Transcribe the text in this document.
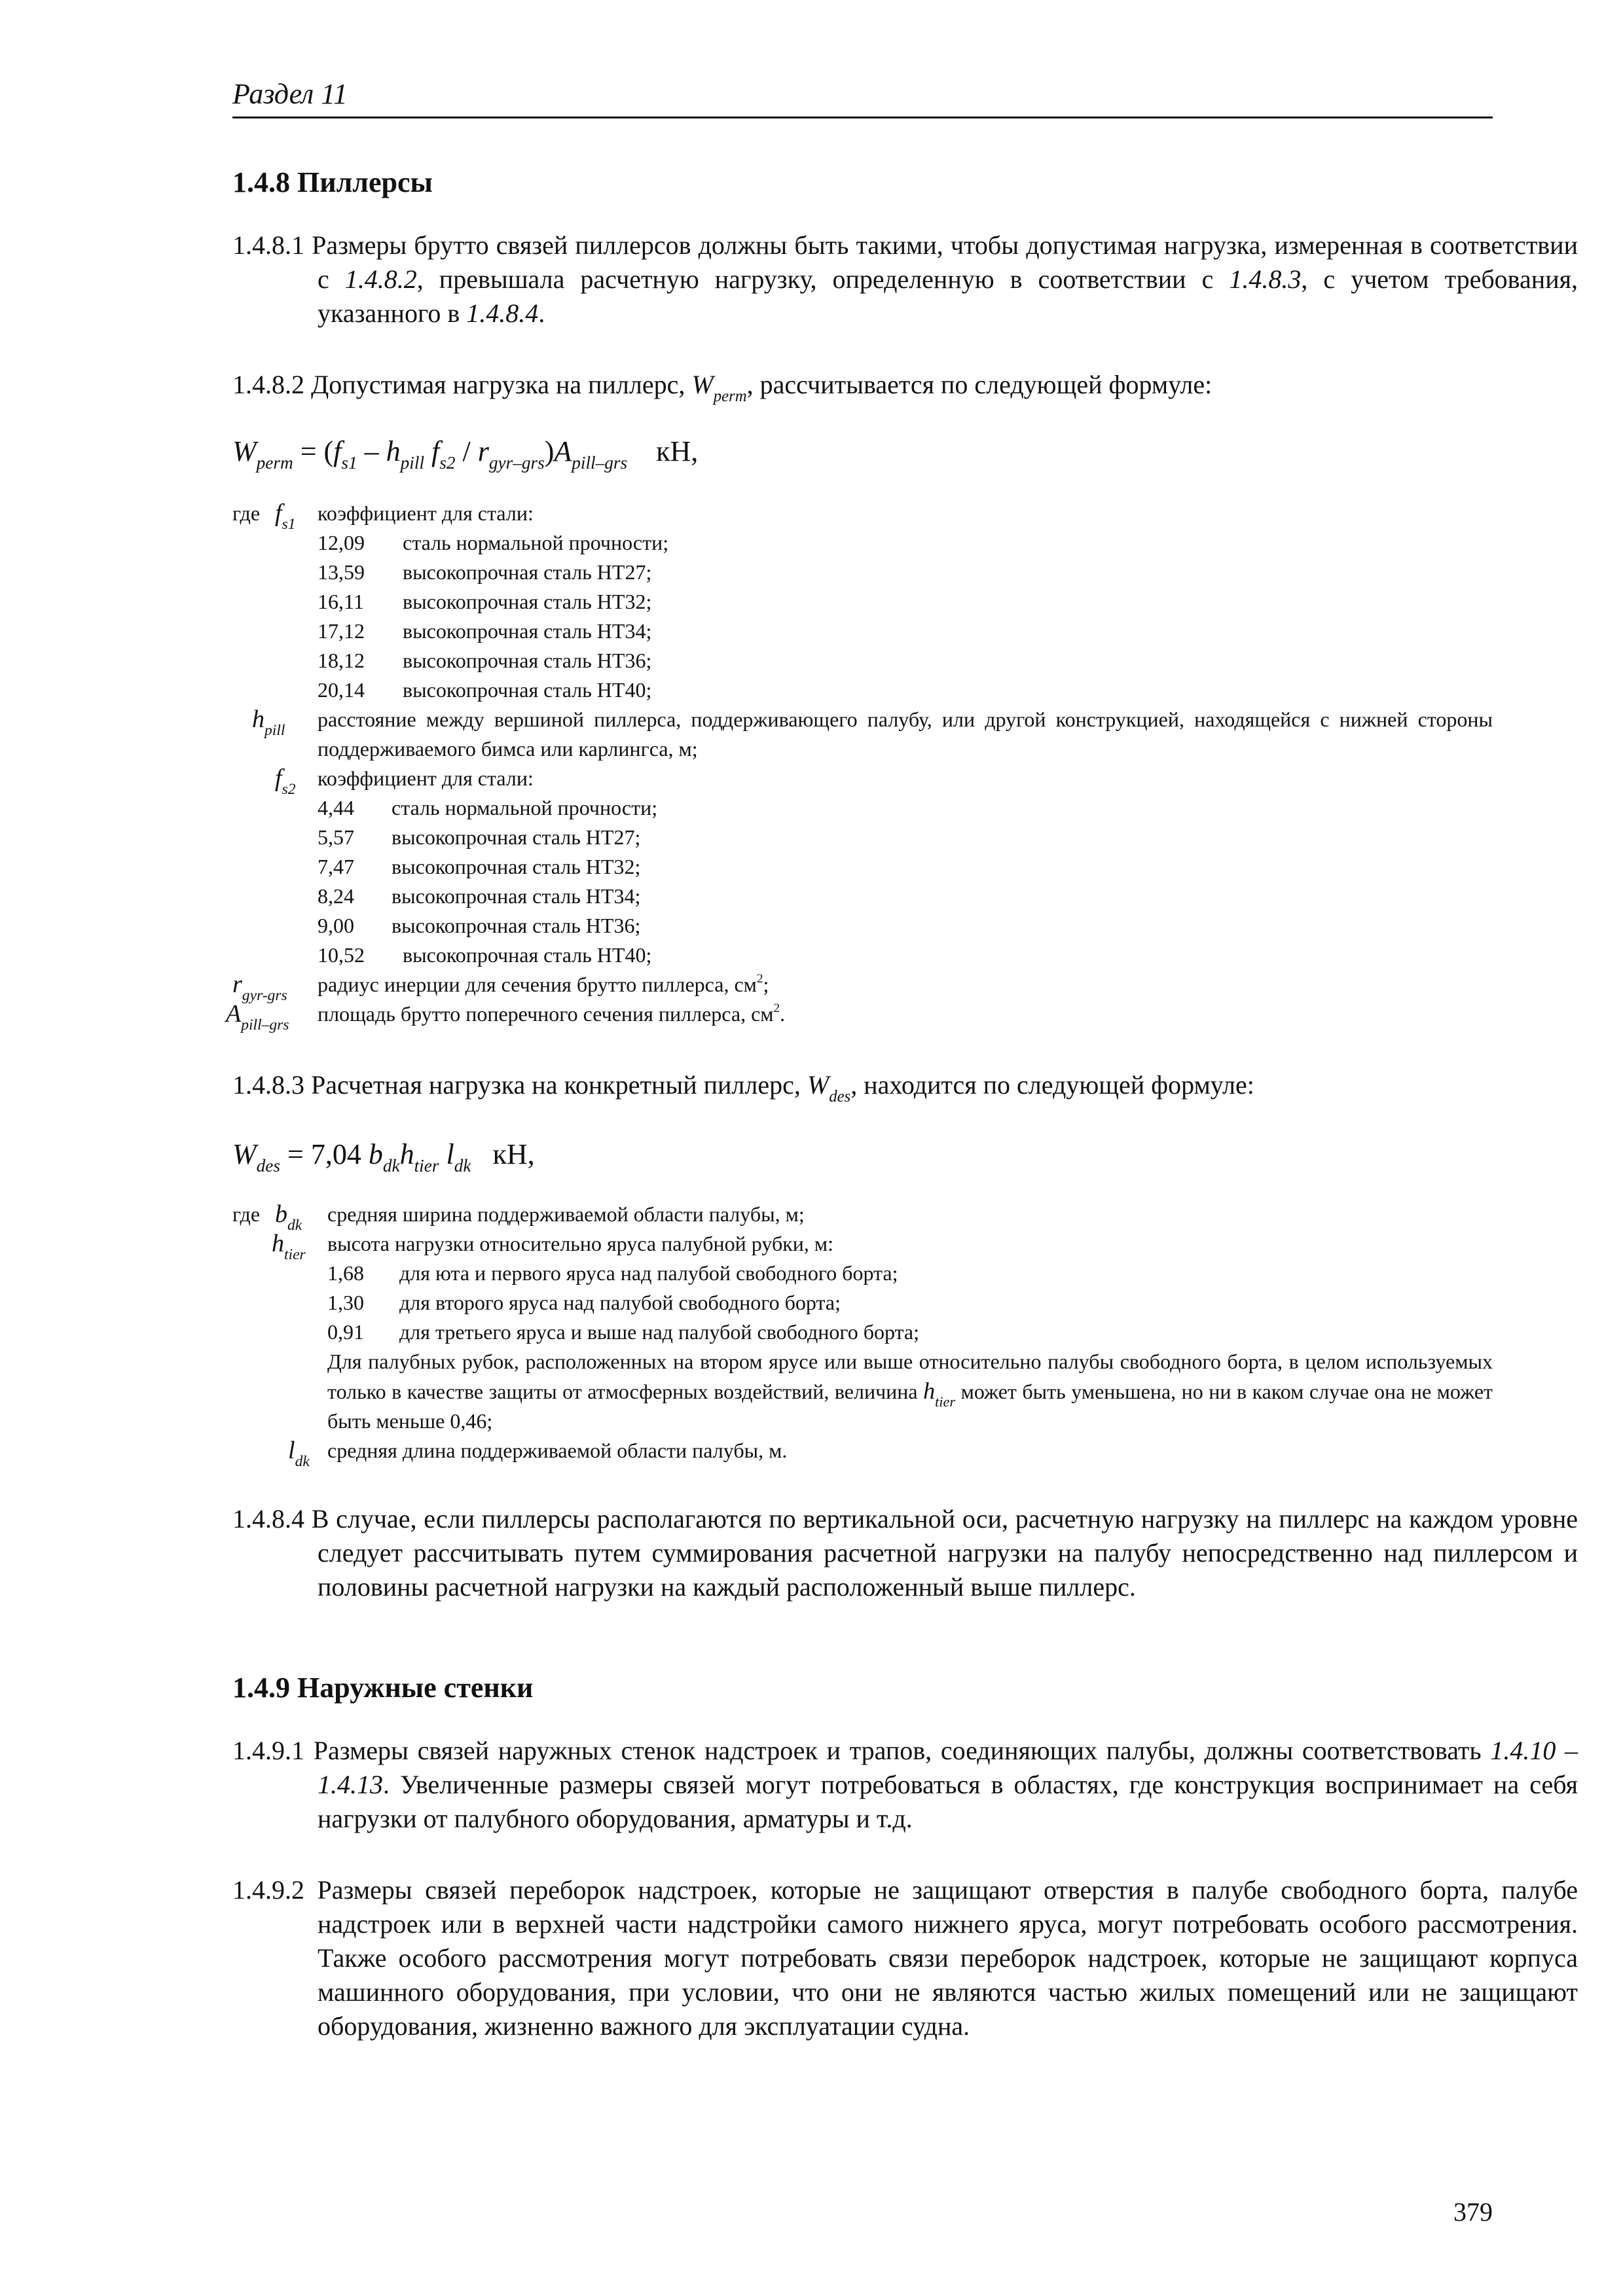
Раздел 11
1.4.8 Пиллерсы
1.4.8.1 Размеры брутто связей пиллерсов должны быть такими, чтобы допустимая нагрузка, измеренная в соответствии с 1.4.8.2, превышала расчетную нагрузку, определенную в соответствии с 1.4.8.3, с учетом требования, указанного в 1.4.8.4.
1.4.8.2 Допустимая нагрузка на пиллерс, $W_{perm}$, рассчитывается по следующей формуле:
$W_{perm} = (f_{s1} - h_{pill}$ $f_{s2} / r_{gyr-grs})A_{pill-grs}$ кН,
где $f_{s1}$ коэффициент для стали:
12,09 сталь нормальной прочности;
13,59 высокопрочная сталь НТ27;
16,11 высокопрочная сталь НТ32;
17,12 высокопрочная сталь НТ34;
18,12 высокопрочная сталь НТ36;
20,14 высокопрочная сталь НТ40;
$h_{pill}$ расстояние между вершиной пиллерса, поддерживающего палубу, или другой конструкцией, находящейся с нижней стороны поддерживаемого бимса или карлингса, м;
$f_{s2}$ коэффициент для стали:
4,44 сталь нормальной прочности;
5,57 высокопрочная сталь НТ27;
7,47 высокопрочная сталь НТ32;
8,24 высокопрочная сталь НТ34;
9,00 высокопрочная сталь НТ36;
10,52 высокопрочная сталь НТ40;
$r_{gyr-grs}$ радиус инерции для сечения брутто пиллерса, $см^2$;
$A_{pill-grs}$ площадь брутто поперечного сечения пиллерса, $см^2$.
1.4.8.3 Расчетная нагрузка на конкретный пиллерс, $W_{des}$, находится по следующей формуле:
$W_{des} = 7,04$ $b_{dk}h_{tier}$ $l_{dk}$ кН,
где $b_{dk}$ средняя ширина поддерживаемой области палубы, м;
$h_{tier}$ высота нагрузки относительно яруса палубной рубки, м:
1,68 для юта и первого яруса над палубой свободного борта;
1,30 для второго яруса над палубой свободного борта;
0,91 для третьего яруса и выше над палубой свободного борта;
Для палубных рубок, расположенных на втором ярусе или выше относительно палубы свободного борта, в целом используемых только в качестве защиты от атмосферных воздействий, величина $h_{tier}$ может быть уменьшена, но ни в каком случае она не может быть меньше 0,46;
$l_{dk}$ средняя длина поддерживаемой области палубы, м.
1.4.8.4 В случае, если пиллерсы располагаются по вертикальной оси, расчетную нагрузку на пиллерс на каждом уровне следует рассчитывать путем суммирования расчетной нагрузки на палубу непосредственно над пиллерсом и половины расчетной нагрузки на каждый расположенный выше пиллерс.
1.4.9 Наружные стенки
1.4.9.1 Размеры связей наружных стенок надстроек и трапов, соединяющих палубы, должны соответствовать 1.4.10 – 1.4.13. Увеличенные размеры связей могут потребоваться в областях, где конструкция воспринимает на себя нагрузки от палубного оборудования, арматуры и т.д.
1.4.9.2 Размеры связей переборок надстроек, которые не защищают отверстия в палубе свободного борта, палубе надстроек или в верхней части надстройки самого нижнего яруса, могут потребовать особого рассмотрения. Также особого рассмотрения могут потребовать связи переборок надстроек, которые не защищают корпуса машинного оборудования, при условии, что они не являются частью жилых помещений или не защищают оборудования, жизненно важного для эксплуатации судна.
379
